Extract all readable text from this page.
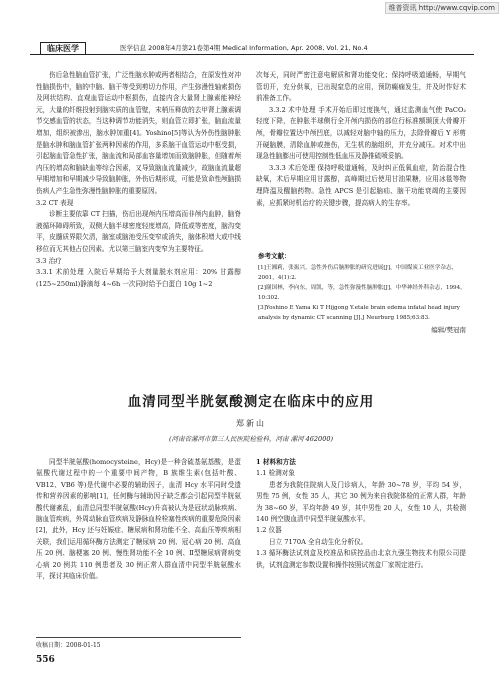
维普资讯 http://www.cqvip.com
临床医学	医学信息 2008年4月第21卷第4期 Medical Information, Apr. 2008, Vol. 21, No.4

伤后急性脑血管扩张，广泛性脑水肿或两者相结合，在原发性对冲性脑损伤中，脑的中脑、脑干等受到剪切力作用，产生弥漫性轴索损伤及网状结构、直观血管运动中枢损伤，直接内含大量肾上腺素能神经元，大量的纤维投射到脑实质的血管壁，末梢压释放的去甲肾上腺素调节交感血管的状态，当这种调节功能消失，则血管立即扩张，脑血流量增加，组织被渗出，脑水肿加重[4]。Yoshino[5]等认为外伤性脑肿胀是脑水肿和脑血管扩张两种因素的作用，多系脑干血管运动中枢受损，引起脑血管急性扩张，脑血流和局部血容量增加而致脑肿胀，但随着颅内压的增高和脑缺血等综合因素，又导致脑血流量减少，故脑血流量超早期增加和早期减少导致脑肿胀，外伤后期形成，可能是致命性颅脑损伤病人产生急性弥漫性脑肿胀的重要原因。

3.2 CT 表现

诊断主要依靠 CT 扫描，伤后出现颅内压增高而非颅内血肿，脑脊液循环障碍所致，双侧大脑半球密度轻度增高，降低或等密度，脑沟变平，皮髓质界限欠清，脑室或脑池受压变窄或消失，脑体积增大或中线移位而无其他占位因素。尤以第三脑室内变窄为主要特征。

3.3 治疗

3.3.1 术前处理 入院后早期给予大剂量脱水剂应用：20% 甘露醇(125~250ml)静滴每 4~6h 一次同时给予白蛋白 10g 1~2

次每天，同时严密注意电解质和肾功能变化；保持呼吸道通畅，早期气管切开，充分供氧，已出现窒息的应用，预防癫痫发生，并及时作好术前准备工作。

3.3.2 术中处理 手术开始后即过度换气，通过监测血气使 PaCO₂ 轻度下降，在肿胀半球侧行全开颅内损伤的部位行标准额颞顶大骨瓣开颅，骨瓣位置达中颅凹底，以减轻对脑中轴的压力，去除骨瓣后 Y 形剪开硬脑膜，清除血肿或挫伤，无生机的脑组织，并充分减压。对术中出现急性脑膨出可使用控制性低血压及静推硫喷妥钠。

3.3.3 术后处理 保持呼吸道通畅，及时纠正低氧血症，防治混合性缺氧，术后早期应用甘露醇，高峰期过后使用甘油果糖，应用冰毯等物理降温及醒脑药物。急性 APCS 是引起脑疝、脑干功能衰竭的主要因素，应抓紧时机治疗的关键步骤，提高病人的生存率。

参考文献：
[1]王湘莉，张振兴，急性外伤后脑肿胀的研究进展[J]，中国煤炭工业医学杂志，2001，4(1):2.
[2]谢国林，李向东，周凯，等，急性弥漫性脑肿胀[J]，中华神经外科杂志，1994，10:302.
[3]Yoshino E Yama Ki T Hijgong Y.etale brain edema infatal head injury analysis by dynamic CT scanning [J].J Neurburg 1985;63:83.
编辑/樊冠南
血清同型半胱氨酸测定在临床中的应用
郑新山
(河南省漯河市第三人民医院检验科，河南 漯河 462000)

同型半胱氨酸(homocysteine，Hcy)是一种含硫基氨基酸，是蛋氨酸代谢过程中的一个重要中间产物，B 族维生素(包括叶酸、VB12、VB6 等)是代谢中必要的辅助因子，血清 Hcy 水平同时受遗传和营养因素的影响[1]，任何酶与辅助因子缺乏都会引起同型半胱氨酸代谢紊乱，血清总同型半胱氨酸(Hcy)升高被认为是冠状动脉疾病、脑血管疾病，外周动脉血管疾病及静脉血栓栓塞性疾病的重要危险因素[2]，此外，Hcy 还与妊娠症、糖尿病和肾功能不全、高血压等疾病相关联，我们运用循环酶方法测定了糖尿病 20 例、冠心病 20 例、高血压 20 例、脑梗塞 20 例、慢性肾功能不全 10 例、Ⅱ型糖尿病肾病变心病 20 例共 110 例患者及 30 例正常人群血清中同型半胱氨酸水平，探讨其临床价值。

1 材料和方法
1.1 检测对象
患者为我院住院病人及门诊病人，年龄 30~78 岁，平均 54 岁，男性 75 例，女性 35 人，其它 30 例为来自我院体检的正常人群，年龄为 38~60 岁，平均年龄 49 岁，其中男性 20 人，女性 10 人，共检测 140 例空腹血清中同型半胱氨酸水平。
1.2 仪器
日立 7170A 全自动生化分析仪。
1.3 循环酶法试剂盒及校准品和质控品由北京九强生物技术有限公司提供，试剂盒测定参数设置和操作按照试剂盒厂家规定进行。
收稿日期：2008-01-15
556
